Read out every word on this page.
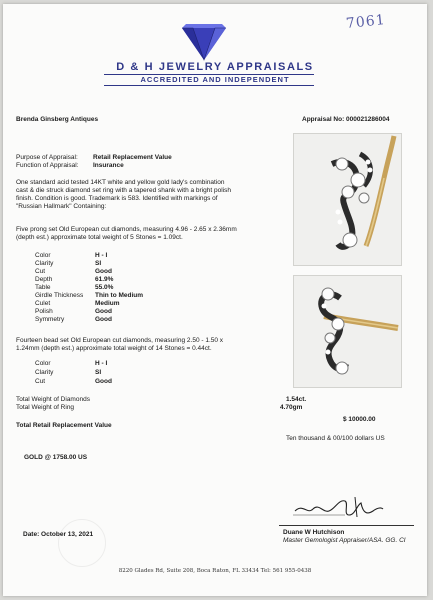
7061
D & H JEWELRY APPRAISALS
ACCREDITED AND INDEPENDENT
Brenda Ginsberg Antiques	Appraisal No: 000021286004
Purpose of Appraisal: Retail Replacement Value
Function of Appraisal: Insurance
One standard acid tested 14KT white and yellow gold lady's combination
cast & die struck diamond set ring with a tapered shank with a bright polish
finish. Condition is good. Trademark is 583. Identified with markings of
"Russian Hallmark" Containing:
Five prong set Old European cut diamonds, measuring 4.96 - 2.65 x 2.36mm
(depth est.) approximate total weight of 5 Stones = 1.09ct.
Color	H - I
Clarity	SI
Cut	Good
Depth	61.9%
Table	55.0%
Girdle Thickness Thin to Medium
Culet	Medium
Polish	Good
Symmetry	Good
Fourteen bead set Old European cut diamonds, measuring 2.50 - 1.50 x
1.24mm (depth est.) approximate total weight of 14 Stones = 0.44ct.
Color	H - I
Clarity	SI
Cut	Good
Total Weight of Diamonds	1.54ct.
Total Weight of Ring	4.70gm
$ 10000.00
Total Retail Replacement Value
Ten thousand & 00/100 dollars US
GOLD @ 1758.00 US
Date: October 13, 2021	Duane W Hutchison
Master Gemologist Appraiser/ASA. GG. CI
8220 Glades Rd, Suite 208, Boca Raton, FL 33434 Tel: 561 955-0438
